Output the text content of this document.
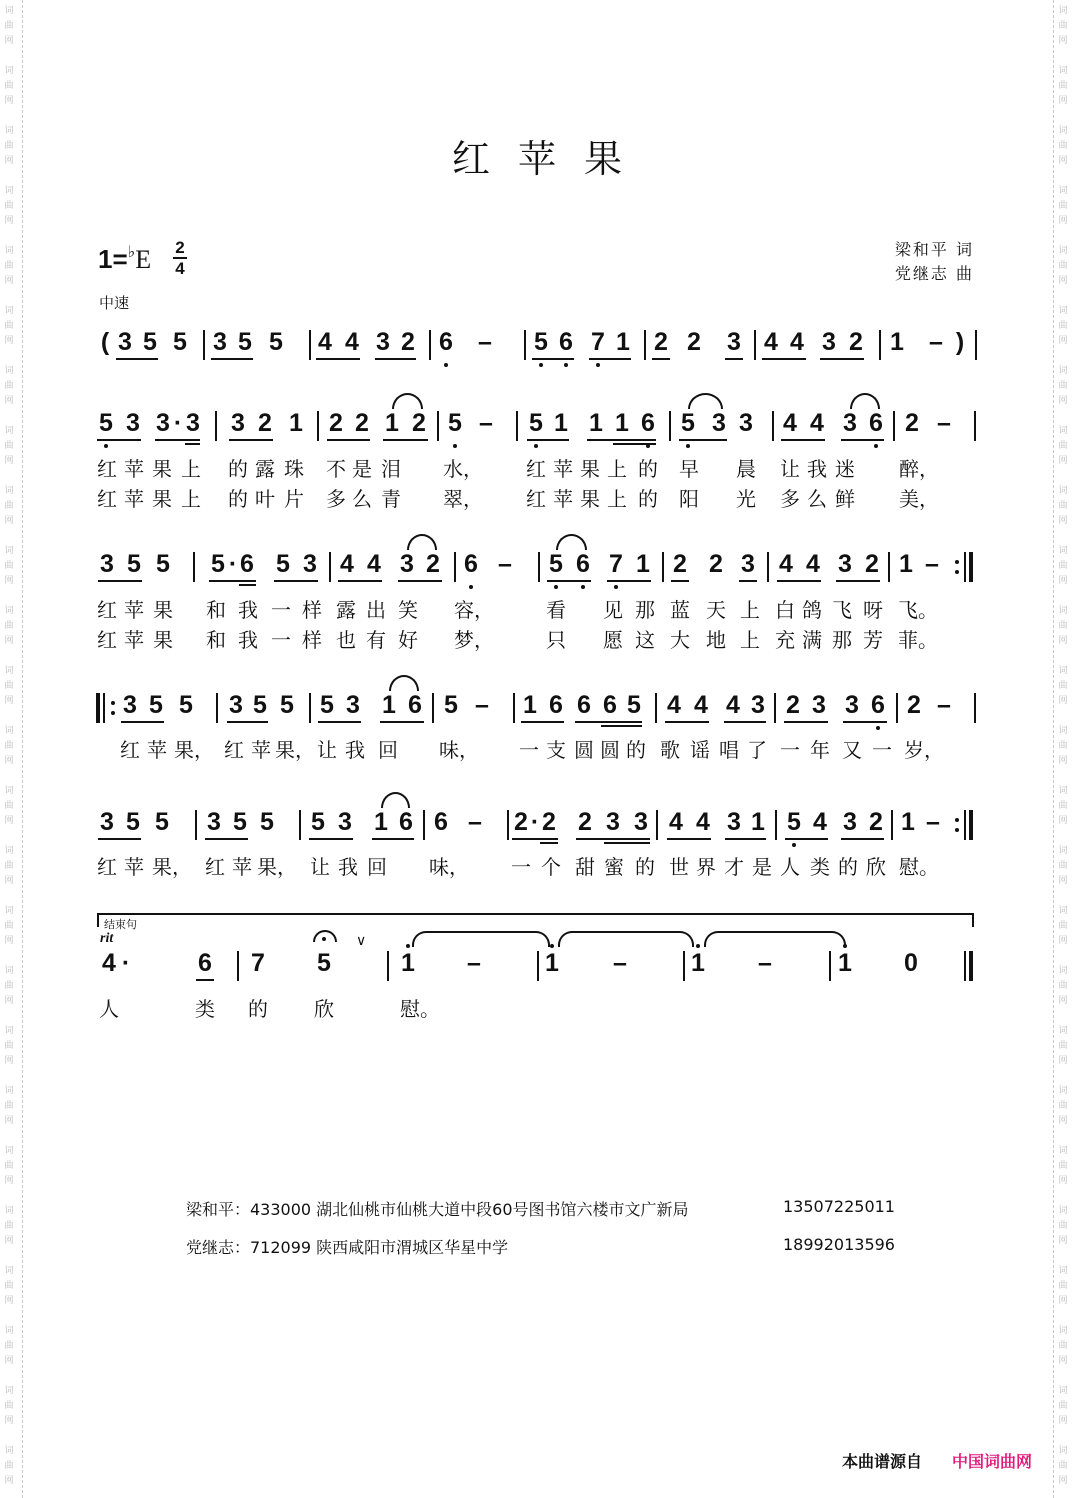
词
曲
网
词
曲
网
词
曲
网
词
曲
网
词
曲
网
词
曲
网
词
曲
网
词
曲
网
词
曲
网
词
曲
网
词
曲
网
词
曲
网
词
曲
网
词
曲
网
词
曲
网
词
曲
网
词
曲
网
词
曲
网
词
曲
网
词
曲
网
词
曲
网
词
曲
网
词
曲
网
词
曲
网
词
曲
网
词
曲
网
词
曲
网
词
曲
网
词
曲
网
词
曲
网
词
曲
网
词
曲
网
词
曲
网
词
曲
网
词
曲
网
词
曲
网
词
曲
网
词
曲
网
词
曲
网
词
曲
网
词
曲
网
词
曲
网
词
曲
网
词
曲
网
词
曲
网
词
曲
网
词
曲
网
词
曲
网
词
曲
网
词
曲
网
红苹果
1=♭E 2
4
中速
梁和平 词
党继志 曲
( 3 5 5 3 5 5 4 4 3 2 6 – 5 6 7 1 2 2 3 4 4 3 2 1 – )
5 3 3 · 3 3 2 1 2 2 1 2 5 – 5 1 1 1 6 5 3 3 4 4 3 6 2 –
红 苹 果 上 的 露 珠 不 是 泪 水， 红 苹 果 上 的 早 晨 让 我 迷 醉，
红 苹 果 上 的 叶 片 多 么 青 翠， 红 苹 果 上 的 阳 光 多 么 鲜 美，
3 5 5 5 · 6 5 3 4 4 3 2 6 – 5 6 7 1 2 2 3 4 4 3 2 1 –
红 苹 果 和 我 一 样 露 出 笑 容，	看 见 那 蓝 天 上 白 鸽 飞 呀 飞。
红 苹 果 和 我 一 样 也 有 好 梦，	只 愿 这 大 地 上 充 满 那 芳 菲。
3 5 5 3 5 5 5 3 1 6 5 – 1 6 6 6 5 4 4 4 3 2 3 3 6 2 –
红 苹 果， 红 苹 果， 让 我 回 味， 一 支 圆 圆 的 歌 谣 唱 了 一 年 又 一 岁，
3 5 5 3 5 5 5 3 1 6 6 – 2 · 2 2 3 3 4 4 3 1 5 4 3 2 1 –
红 苹 果， 红 苹 果， 让 我 回 味， 一 个 甜 蜜 的 世 界 才 是 人 类 的 欣 慰。
4 ·	6 7 5	1 –	1 –	1 –	1 0
人	类 的 欣	慰。
结束句
rit	∨
梁和平：433000 湖北仙桃市仙桃大道中段60号图书馆六楼市文广新局	13507225011
党继志：712099 陕西咸阳市渭城区华星中学	18992013596
本曲谱源自 中国词曲网
